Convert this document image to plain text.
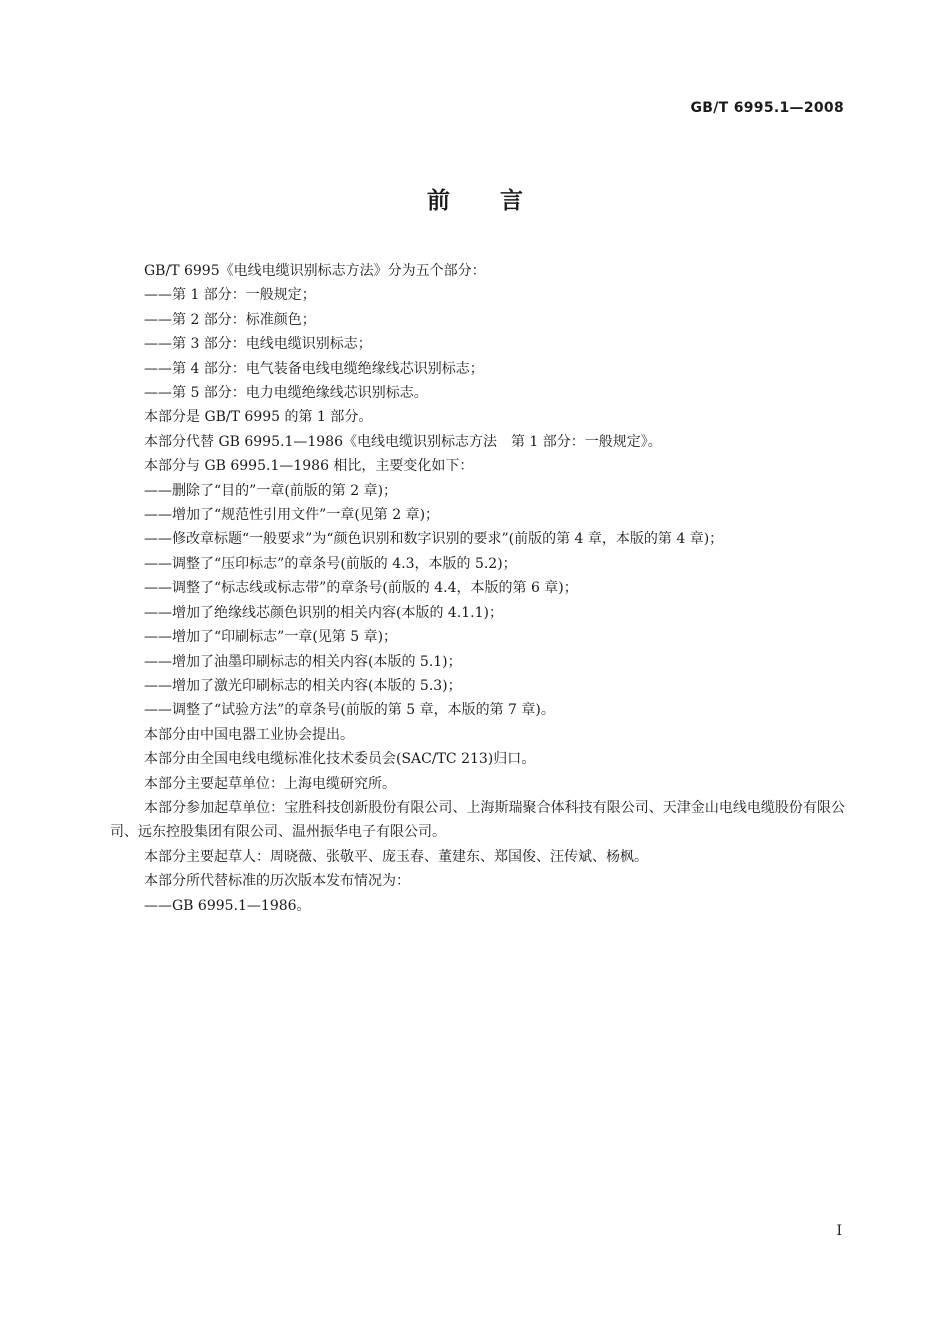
GB/T 6995.1—2008
前言

GB/T 6995《电线电缆识别标志方法》分为五个部分：

——第 1 部分：一般规定；

——第 2 部分：标准颜色；

——第 3 部分：电线电缆识别标志；

——第 4 部分：电气装备电线电缆绝缘线芯识别标志；

——第 5 部分：电力电缆绝缘线芯识别标志。

本部分是 GB/T 6995 的第 1 部分。

本部分代替 GB 6995.1—1986《电线电缆识别标志方法　第 1 部分：一般规定》。

本部分与 GB 6995.1—1986 相比，主要变化如下：

——删除了“目的”一章(前版的第 2 章)；

——增加了“规范性引用文件”一章(见第 2 章)；

——修改章标题“一般要求”为“颜色识别和数字识别的要求”(前版的第 4 章，本版的第 4 章)；

——调整了“压印标志”的章条号(前版的 4.3，本版的 5.2)；

——调整了“标志线或标志带”的章条号(前版的 4.4，本版的第 6 章)；

——增加了绝缘线芯颜色识别的相关内容(本版的 4.1.1)；

——增加了“印刷标志”一章(见第 5 章)；

——增加了油墨印刷标志的相关内容(本版的 5.1)；

——增加了激光印刷标志的相关内容(本版的 5.3)；

——调整了“试验方法”的章条号(前版的第 5 章，本版的第 7 章)。

本部分由中国电器工业协会提出。

本部分由全国电线电缆标准化技术委员会(SAC/TC 213)归口。

本部分主要起草单位：上海电缆研究所。

本部分参加起草单位：宝胜科技创新股份有限公司、上海斯瑞聚合体科技有限公司、天津金山电线电缆股份有限公司、远东控股集团有限公司、温州振华电子有限公司。

本部分主要起草人：周晓薇、张敬平、庞玉春、董建东、郑国俊、汪传斌、杨枫。

本部分所代替标准的历次版本发布情况为：

——GB 6995.1—1986。

I
